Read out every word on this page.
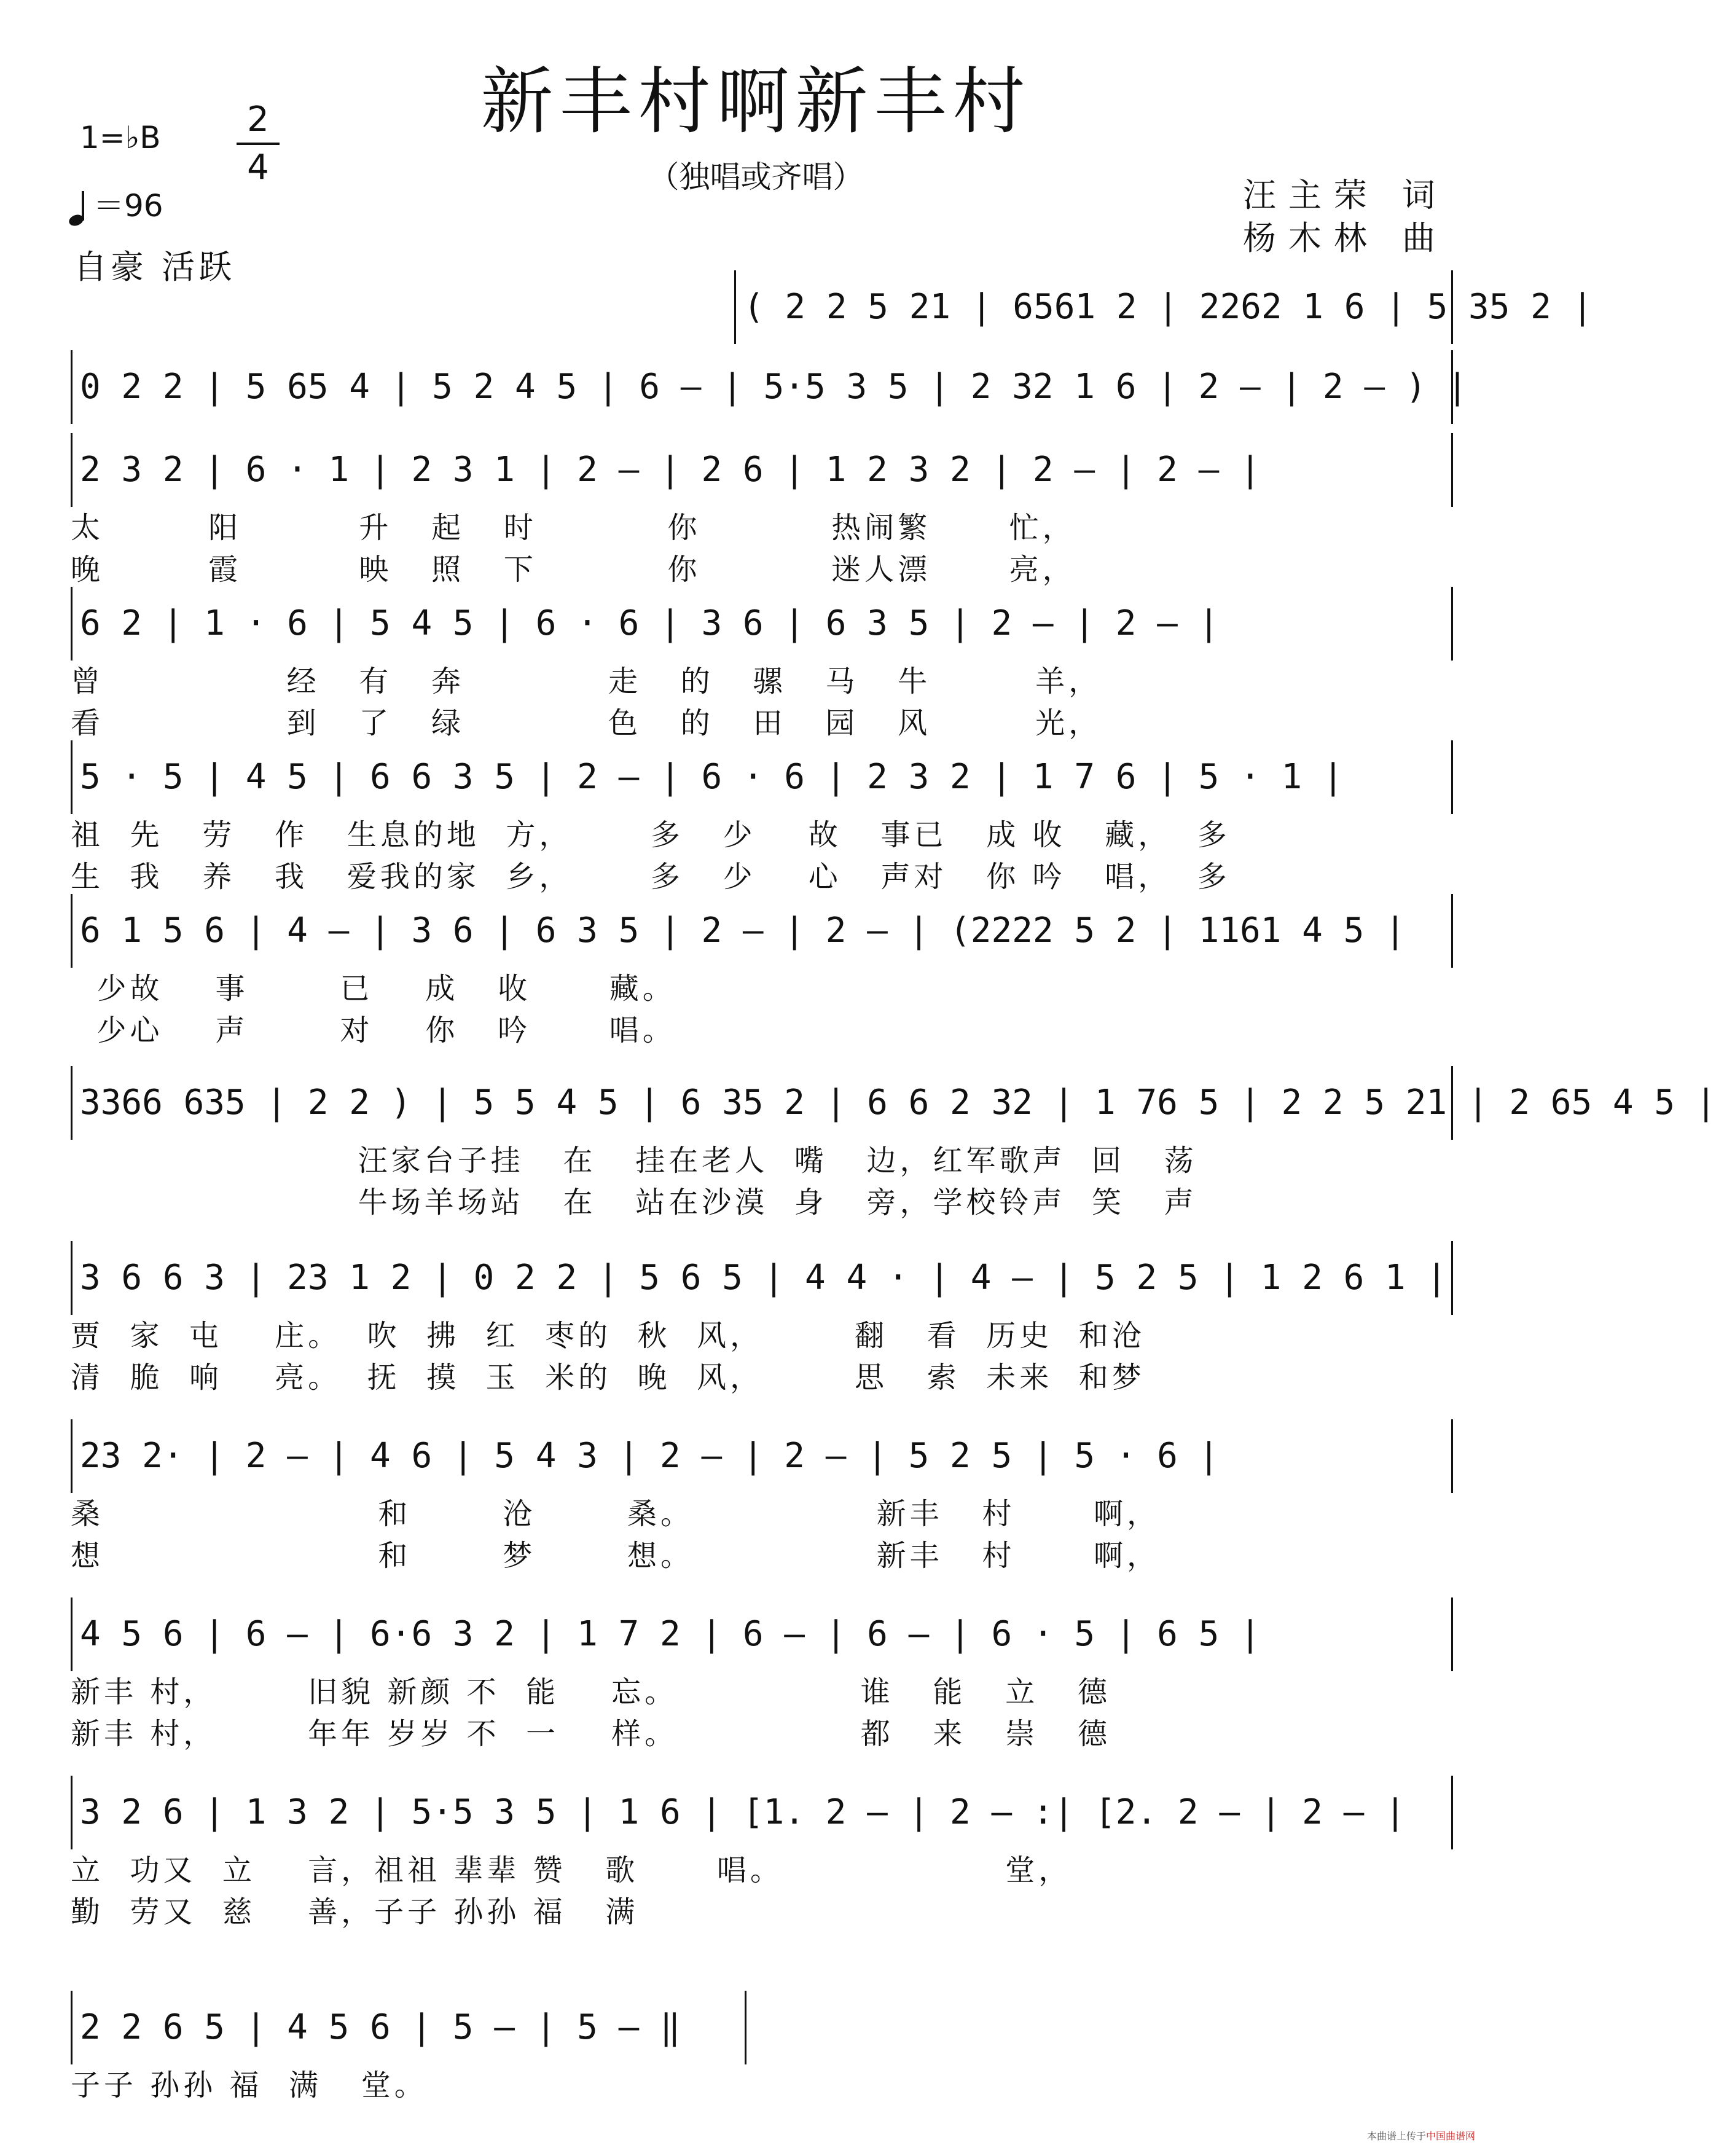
新丰村啊新丰村
（独唱或齐唱）
1=♭B	2
4
＝96
自豪 活跃
汪主荣 词
杨木林 曲
( 2 2 5 21 | 6561 2 | 2262 1 6 | 5 35 2 |
0 2 2 | 5 65 4 | 5 2 4 5 | 6 — | 5·5 3 5 | 2 32 1 6 | 2 — | 2 — ) |
2 3 2 | 6 · 1 | 2 3 1 | 2 — | 2 6 | 1 2 3 2 | 2 — | 2 — |
太        阳         升   起   时          你          热闹繁      忙，
晚        霞         映   照   下          你          迷人漂      亮，
6 2 | 1 · 6 | 5 4 5 | 6 · 6 | 3 6 | 6 3 5 | 2 — | 2 — |
曾              经   有   奔           走   的   骡   马   牛        羊，
看              到   了   绿           色   的   田   园   风        光，
5 · 5 | 4 5 | 6 6 3 5 | 2 — | 6 · 6 | 2 3 2 | 1 7 6 | 5 · 1 |
祖  先   劳   作   生息的地  方，      多   少    故   事已   成 收   藏，  多
生  我   养   我   爱我的家  乡，      多   少    心   声对   你 吟   唱，  多
6 1 5 6 | 4 — | 3 6 | 6 3 5 | 2 — | 2 — | (2222 5 2 | 1161 4 5 |
少故    事       已    成   收      藏。
少心    声       对    你   吟      唱。
3366 635 | 2 2 ) | 5 5 4 5 | 6 35 2 | 6 6 2 32 | 1 76 5 | 2 2 5 21 | 2 65 4 5 |
汪家台子挂   在   挂在老人  嘴   边，红军歌声  回   荡
牛场羊场站   在   站在沙漠  身   旁，学校铃声  笑   声
3 6 6 3 | 23 1 2 | 0 2 2 | 5 6 5 | 4 4 · | 4 — | 5 2 5 | 1 2 6 1 |
贾  家  屯    庄。  吹  拂  红  枣的  秋  风，       翻   看  历史  和沧
清  脆  响    亮。  抚  摸  玉  米的  晚  风，       思   索  未来  和梦
23 2· | 2 — | 4 6 | 5 4 3 | 2 — | 2 — | 5 2 5 | 5 · 6 |
桑                     和       沧       桑。              新丰   村      啊，
想                     和       梦       想。              新丰   村      啊，
4 5 6 | 6 — | 6·6 3 2 | 1 7 2 | 6 — | 6 — | 6 · 5 | 6 5 |
新丰 村，       旧貌 新颜 不  能    忘。              谁   能   立   德
新丰 村，       年年 岁岁 不  一    样。              都   来   崇   德
3 2 6 | 1 3 2 | 5·5 3 5 | 1 6 | [1. 2 — | 2 — :| [2. 2 — | 2 — |
立  功又  立    言，祖祖 辈辈 赞   歌      唱。                 堂，
勤  劳又  慈    善，子子 孙孙 福   满
2 2 6 5 | 4 5 6 | 5 — | 5 — ‖
子子 孙孙 福  满   堂。
本曲谱上传于中国曲谱网
